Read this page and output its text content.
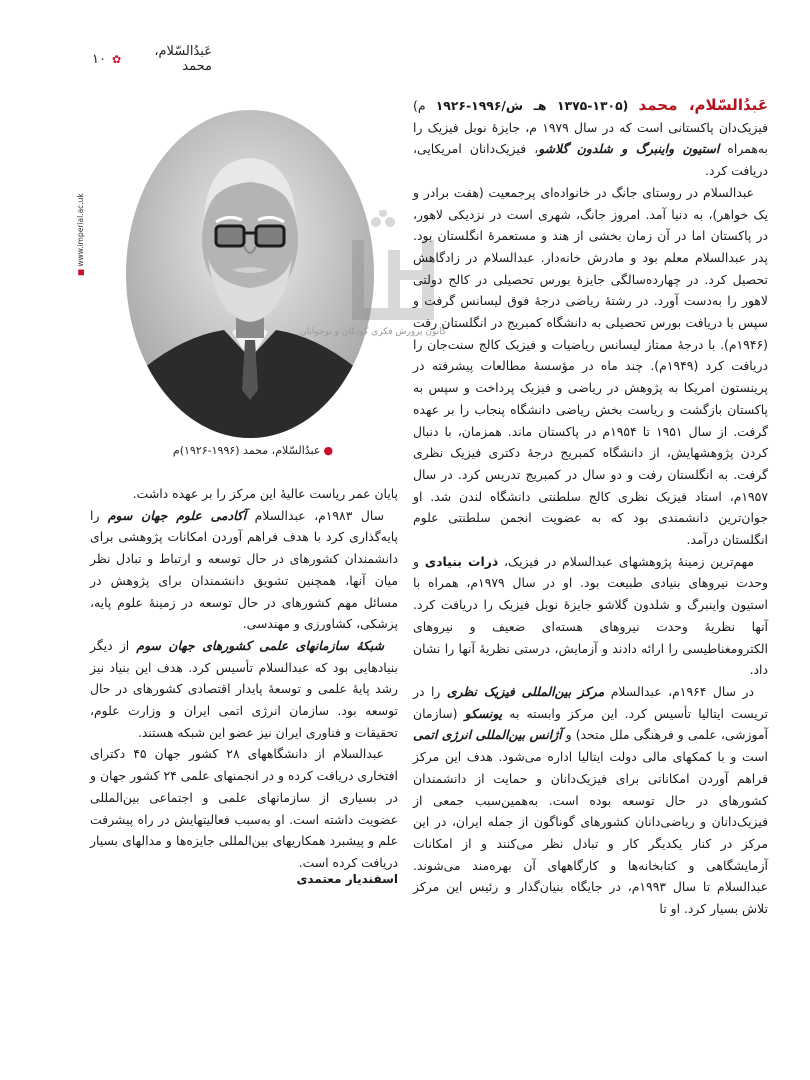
عَبدُالسّلام، محمد
✿
۱۰
■ www.imperial.ac.uk
●عبدُالسّلام، محمد (۱۹۹۶-۱۹۲۶)م
کانون پرورش فکری کودکان و نوجوانان

عَبدُالسّلام، محمد (۱۳۰۵-۱۳۷۵ هـ ش/۱۹۹۶-۱۹۲۶ م) فیزیک‌دان پاکستانی است که در سال ۱۹۷۹ م، جایزهٔ نوبل فیزیک را به‌همراه استیون واینبرگ و شلدون گلاشو، فیزیک‌دانان امریکایی، دریافت کرد.

عبدالسلام در روستای جانگ در خانواده‌ای پرجمعیت (هفت برادر و یک خواهر)، به دنیا آمد. امروز جانگ، شهری است در نزدیکی لاهور، در پاکستان اما در آن زمان بخشی از هند و مستعمرهٔ انگلستان بود. پدر عبدالسلام معلم بود و مادرش خانه‌دار. عبدالسلام در زادگاهش تحصیل کرد. در چهارده‌سالگی جایزهٔ بورس تحصیلی در کالج دولتی لاهور را به‌دست آورد. در رشتهٔ ریاضی درجهٔ فوق لیسانس گرفت و سپس با دریافت بورس تحصیلی به دانشگاه کمبریج در انگلستان رفت (۱۹۴۶م). با درجهٔ ممتاز لیسانس ریاضیات و فیزیک کالج سنت‌جان را دریافت کرد (۱۹۴۹م). چند ماه در مؤسسهٔ مطالعات پیشرفته در پرینستون امریکا به پژوهش در ریاضی و فیزیک پرداخت و سپس به پاکستان بازگشت و ریاست بخش ریاضی دانشگاه پنجاب را بر عهده گرفت. از سال ۱۹۵۱ تا ۱۹۵۴م در پاکستان ماند. همزمان، با دنبال کردن پژوهشهایش، از دانشگاه کمبریج درجهٔ دکتری فیزیک نظری گرفت. به انگلستان رفت و دو سال در کمبریج تدریس کرد. در سال ۱۹۵۷م، استاد فیزیک نظری کالج سلطنتی دانشگاه لندن شد. او جوان‌ترین دانشمندی بود که به عضویت انجمن سلطنتی علوم انگلستان درآمد.

مهم‌ترین زمینهٔ پژوهشهای عبدالسلام در فیزیک، ذرات بنیادی و وحدت نیروهای بنیادی طبیعت بود. او در سال ۱۹۷۹م، همراه با استیون واینبرگ و شلدون گلاشو جایزهٔ نوبل فیزیک را دریافت کرد. آنها نظریهٔ وحدت نیروهای هسته‌ای ضعیف و نیروهای الکترومغناطیسی را ارائه دادند و آزمایش، درستی نظریهٔ آنها را نشان داد.

در سال ۱۹۶۴م، عبدالسلام مرکز بین‌المللی فیزیک نظری را در تریست ایتالیا تأسیس کرد. این مرکز وابسته به یونسکو (سازمان آموزشی، علمی و فرهنگی ملل متحد) و آژانس بین‌المللی انرژی اتمی است و با کمکهای مالی دولت ایتالیا اداره می‌شود. هدف این مرکز فراهم آوردن امکاناتی برای فیزیک‌دانان و حمایت از دانشمندان کشورهای در حال توسعه بوده است. به‌همین‌سبب جمعی از فیزیک‌دانان و ریاضی‌دانان کشورهای گوناگون از جمله ایران، در این مرکز در کنار یکدیگر کار و تبادل نظر می‌کنند و از امکانات آزمایشگاهی و کتابخانه‌ها و کارگاههای آن بهره‌مند می‌شوند. عبدالسلام تا سال ۱۹۹۳م، در جایگاه بنیان‌گذار و رئیس این مرکز تلاش بسیار کرد. او تا

پایان عمر ریاست عالیهٔ این مرکز را بر عهده داشت.

سال ۱۹۸۳م، عبدالسلام آکادمی علوم جهان سوم را پایه‌گذاری کرد با هدف فراهم آوردن امکانات پژوهشی برای دانشمندان کشورهای در حال توسعه و ارتباط و تبادل نظر میان آنها، همچنین تشویق دانشمندان برای پژوهش در مسائل مهم کشورهای در حال توسعه در زمینهٔ علوم پایه، پزشکی، کشاورزی و مهندسی.

شبکهٔ سازمانهای علمی کشورهای جهان سوم از دیگر بنیادهایی بود که عبدالسلام تأسیس کرد. هدف این بنیاد نیز رشد پایهٔ علمی و توسعهٔ پایدار اقتصادی کشورهای در حال توسعه بود. سازمان انرژی اتمی ایران و وزارت علوم، تحقیقات و فناوری ایران نیز عضو این شبکه هستند.

عبدالسلام از دانشگاههای ۲۸ کشور جهان ۴۵ دکترای افتخاری دریافت کرده و در انجمنهای علمی ۲۴ کشور جهان و در بسیاری از سازمانهای علمی و اجتماعی بین‌المللی عضویت داشته است. او به‌سبب فعالیتهایش در راه پیشرفت علم و پیشبرد همکاریهای بین‌المللی جایزه‌ها و مدالهای بسیار دریافت کرده است.

اسفندیار معتمدی
